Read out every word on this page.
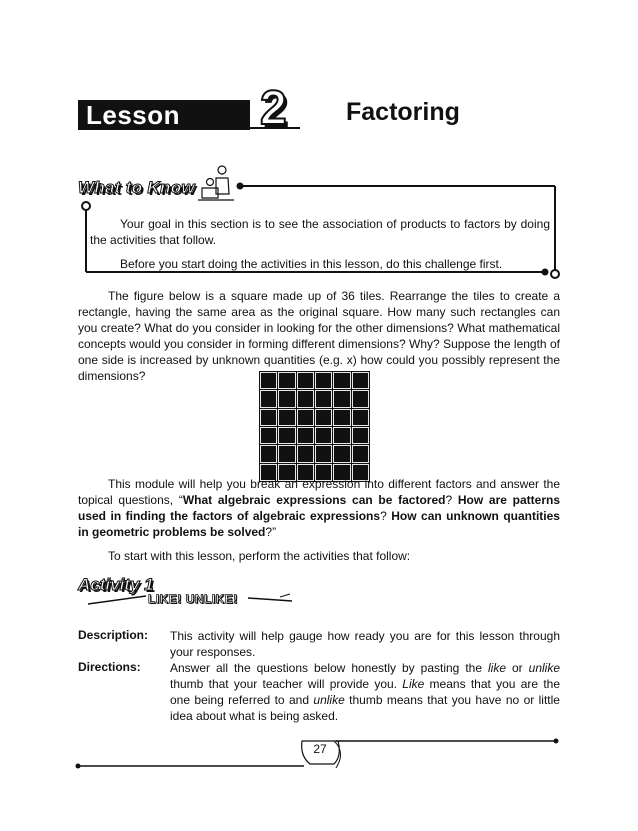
Lesson	2 Factoring
What to Know
Your goal in this section is to see the association of products to factors by doing the activities that follow.
Before you start doing the activities in this lesson, do this challenge first.
The figure below is a square made up of 36 tiles. Rearrange the tiles to create a rectangle, having the same area as the original square. How many such rectangles can you create? What do you consider in looking for the other dimensions? What mathematical concepts would you consider in forming different dimensions? Why? Suppose the length of one side is increased by unknown quantities (e.g. x) how could you possibly represent the dimensions?
This module will help you break an expression into different factors and answer the topical questions, “What algebraic expressions can be factored? How are patterns used in finding the factors of algebraic expressions? How can unknown quantities in geometric problems be solved?”
To start with this lesson, perform the activities that follow:
Activity 1
LIKE! UNLIKE!
Description: This activity will help gauge how ready you are for this lesson through your responses.
Directions: Answer all the questions below honestly by pasting the like or unlike thumb that your teacher will provide you. Like means that you are the one being referred to and unlike thumb means that you have no or little idea about what is being asked.
27
